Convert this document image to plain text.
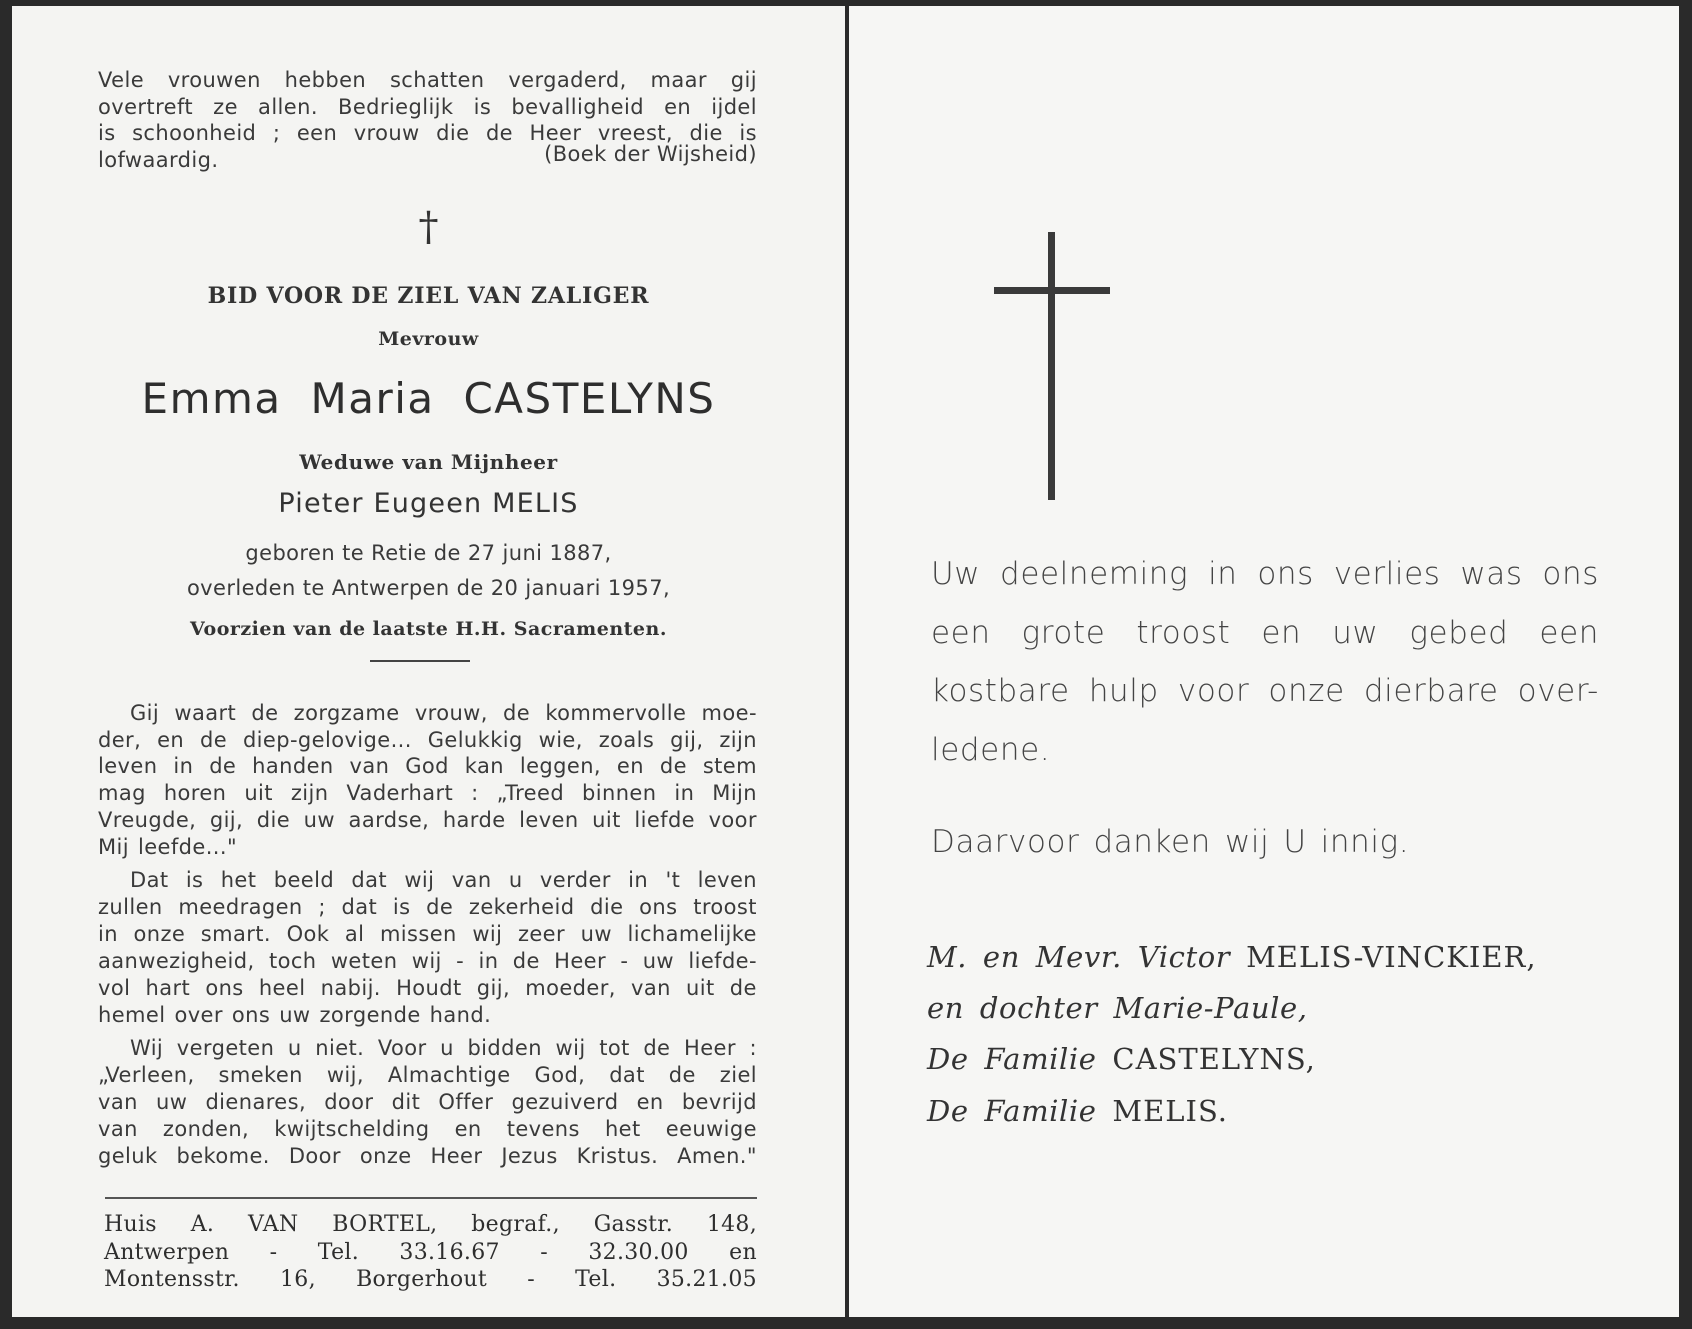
Vele vrouwen hebben schatten vergaderd, maar gij
overtreft ze allen. Bedrieglijk is bevalligheid en ijdel
is schoonheid ; een vrouw die de Heer vreest, die is
lofwaardig.	(Boek der Wijsheid)
†
BID VOOR DE ZIEL VAN ZALIGER
Mevrouw
Emma Maria CASTELYNS
Weduwe van Mijnheer
Pieter Eugeen MELIS
geboren te Retie de 27 juni 1887,
overleden te Antwerpen de 20 januari 1957,
Voorzien van de laatste H.H. Sacramenten.
Gij waart de zorgzame vrouw, de kommervolle moe-
der, en de diep-gelovige... Gelukkig wie, zoals gij, zijn
leven in de handen van God kan leggen, en de stem
mag horen uit zijn Vaderhart : „Treed binnen in Mijn
Vreugde, gij, die uw aardse, harde leven uit liefde voor
Mij leefde..."
Dat is het beeld dat wij van u verder in 't leven
zullen meedragen ; dat is de zekerheid die ons troost
in onze smart. Ook al missen wij zeer uw lichamelijke
aanwezigheid, toch weten wij - in de Heer - uw liefde-
vol hart ons heel nabij. Houdt gij, moeder, van uit de
hemel over ons uw zorgende hand.
Wij vergeten u niet. Voor u bidden wij tot de Heer :
„Verleen, smeken wij, Almachtige God, dat de ziel
van uw dienares, door dit Offer gezuiverd en bevrijd
van zonden, kwijtschelding en tevens het eeuwige
geluk bekome. Door onze Heer Jezus Kristus. Amen."
Huis A. VAN BORTEL, begraf., Gasstr. 148,
Antwerpen - Tel. 33.16.67 - 32.30.00 en
Montensstr. 16, Borgerhout - Tel. 35.21.05
Uw deelneming in ons verlies was ons
een grote troost en uw gebed een
kostbare hulp voor onze dierbare over-
ledene.
Daarvoor danken wij U innig.
M. en Mevr. Victor MELIS-VINCKIER,
en dochter Marie-Paule,
De Familie CASTELYNS,
De Familie MELIS.
